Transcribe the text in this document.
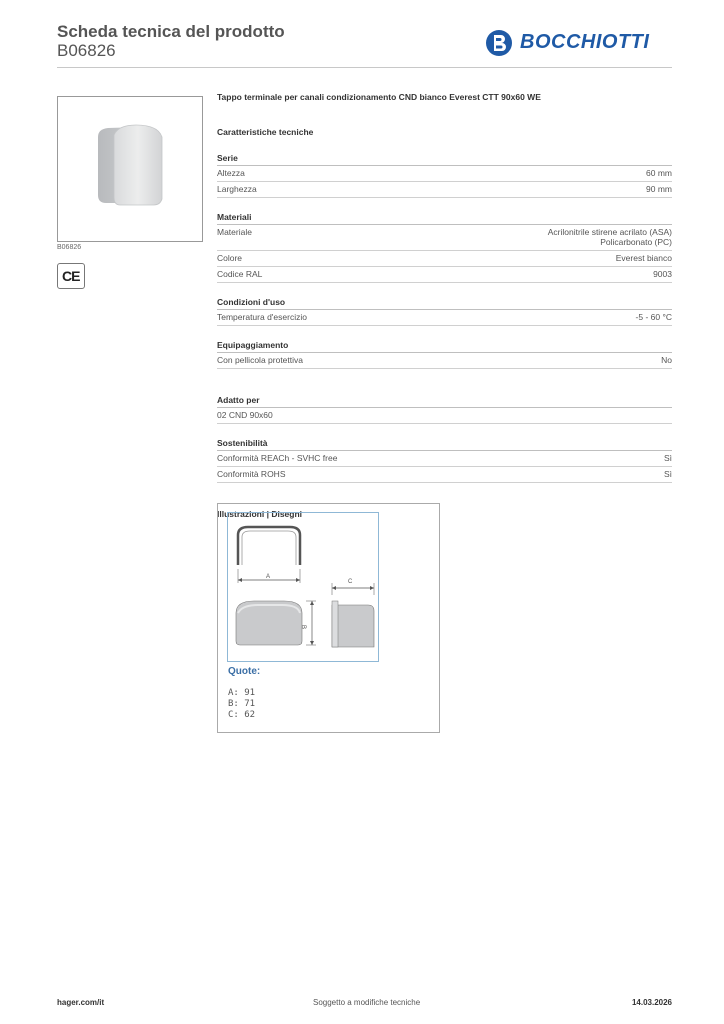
Scheda tecnica del prodotto
B06826	BOCCHIOTTI
B06826
CE
Tappo terminale per canali condizionamento CND bianco Everest CTT 90x60 WE
Caratteristiche tecniche
Serie
Altezza	60 mm
Larghezza	90 mm
Materiali
Materiale	Acrilonitrile stirene acrilato (ASA)
Policarbonato (PC)
Colore	Everest bianco
Codice RAL	9003
Condizioni d'uso
Temperatura d'esercizio	-5 - 60 °C
Equipaggiamento
Con pellicola protettiva	No
Adatto per
02 CND 90x60
Sostenibilità
Conformità REACh - SVHC free	Sì
Conformità ROHS	Sì
Illustrazioni | Disegni
A
B
C
Quote:
A: 91
B: 71
C: 62
hager.com/it	Soggetto a modifiche tecniche	14.03.2026
